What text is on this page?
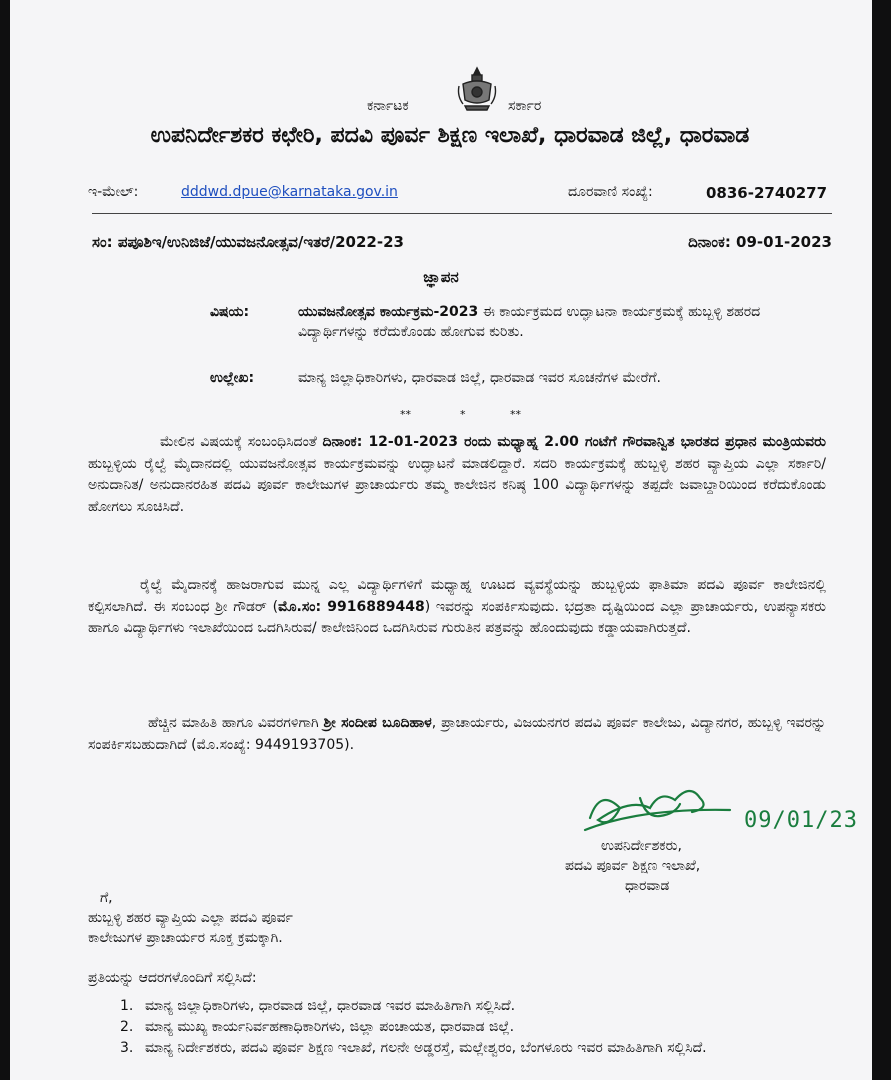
ಕರ್ನಾಟಕ	ಸರ್ಕಾರ
ಉಪನಿರ್ದೇಶಕರ ಕಛೇರಿ, ಪದವಿ ಪೂರ್ವ ಶಿಕ್ಷಣ ಇಲಾಖೆ, ಧಾರವಾಡ ಜಿಲ್ಲೆ, ಧಾರವಾಡ
ಇ-ಮೇಲ್:	dddwd.dpue@karnataka.gov.in	ದೂರವಾಣಿ ಸಂಖ್ಯೆ:	0836-2740277
ಸಂ: ಪಪೂಶಿಇ/ಉನಿಜಿಜೆ/ಯುವಜನೋತ್ಸವ/ಇತರೆ/2022-23	ದಿನಾಂಕ: 09-01-2023
ಜ್ಞಾಪನ
ವಿಷಯ:	ಯುವಜನೋತ್ಸವ ಕಾರ್ಯಕ್ರಮ-2023 ಈ ಕಾರ್ಯಕ್ರಮದ ಉದ್ಘಾಟನಾ ಕಾರ್ಯಕ್ರಮಕ್ಕೆ ಹುಬ್ಬಳ್ಳಿ ಶಹರದ ವಿದ್ಯಾರ್ಥಿಗಳನ್ನು ಕರೆದುಕೊಂಡು ಹೋಗುವ ಕುರಿತು.
ಉಲ್ಲೇಖ:	ಮಾನ್ಯ ಜಿಲ್ಲಾಧಿಕಾರಿಗಳು, ಧಾರವಾಡ ಜಿಲ್ಲೆ, ಧಾರವಾಡ ಇವರ ಸೂಚನೆಗಳ ಮೇರೆಗೆ.
**	*	**
ಮೇಲಿನ ವಿಷಯಕ್ಕೆ ಸಂಬಂಧಿಸಿದಂತೆ ದಿನಾಂಕ: 12-01-2023 ರಂದು ಮಧ್ಯಾಹ್ನ 2.00 ಗಂಟೆಗೆ ಗೌರವಾನ್ವಿತ ಭಾರತದ ಪ್ರಧಾನ ಮಂತ್ರಿಯವರು ಹುಬ್ಬಳ್ಳಿಯ ರೈಲ್ವೆ ಮೈದಾನದಲ್ಲಿ ಯುವಜನೋತ್ಸವ ಕಾರ್ಯಕ್ರಮವನ್ನು ಉದ್ಘಾಟನೆ ಮಾಡಲಿದ್ದಾರೆ. ಸದರಿ ಕಾರ್ಯಕ್ರಮಕ್ಕೆ ಹುಬ್ಬಳ್ಳಿ ಶಹರ ವ್ಯಾಪ್ತಿಯ ಎಲ್ಲಾ ಸರ್ಕಾರಿ/ ಅನುದಾನಿತ/ ಅನುದಾನರಹಿತ ಪದವಿ ಪೂರ್ವ ಕಾಲೇಜುಗಳ ಪ್ರಾಚಾರ್ಯರು ತಮ್ಮ ಕಾಲೇಜಿನ ಕನಿಷ್ಠ 100 ವಿದ್ಯಾರ್ಥಿಗಳನ್ನು ತಪ್ಪದೇ ಜವಾಬ್ದಾರಿಯಿಂದ ಕರೆದುಕೊಂಡು ಹೋಗಲು ಸೂಚಿಸಿದೆ.
ರೈಲ್ವೆ ಮೈದಾನಕ್ಕೆ ಹಾಜರಾಗುವ ಮುನ್ನ ಎಲ್ಲ ವಿದ್ಯಾರ್ಥಿಗಳಿಗೆ ಮಧ್ಯಾಹ್ನ ಊಟದ ವ್ಯವಸ್ಥೆಯನ್ನು ಹುಬ್ಬಳ್ಳಿಯ ಫಾತಿಮಾ ಪದವಿ ಪೂರ್ವ ಕಾಲೇಜಿನಲ್ಲಿ ಕಲ್ಪಿಸಲಾಗಿದೆ. ಈ ಸಂಬಂಧ ಶ್ರೀ ಗೌಡರ್ (ಮೊ.ಸಂ: 9916889448) ಇವರನ್ನು ಸಂಪರ್ಕಿಸುವುದು. ಭದ್ರತಾ ದೃಷ್ಟಿಯಿಂದ ಎಲ್ಲಾ ಪ್ರಾಚಾರ್ಯರು, ಉಪನ್ಯಾಸಕರು ಹಾಗೂ ವಿದ್ಯಾರ್ಥಿಗಳು ಇಲಾಖೆಯಿಂದ ಒದಗಿಸಿರುವ/ ಕಾಲೇಜಿನಿಂದ ಒದಗಿಸಿರುವ ಗುರುತಿನ ಪತ್ರವನ್ನು ಹೊಂದುವುದು ಕಡ್ಡಾಯವಾಗಿರುತ್ತದೆ.
ಹೆಚ್ಚಿನ ಮಾಹಿತಿ ಹಾಗೂ ವಿವರಗಳಿಗಾಗಿ ಶ್ರೀ ಸಂದೀಪ ಬೂದಿಹಾಳ, ಪ್ರಾಚಾರ್ಯರು, ವಿಜಯನಗರ ಪದವಿ ಪೂರ್ವ ಕಾಲೇಜು, ವಿದ್ಯಾನಗರ, ಹುಬ್ಬಳ್ಳಿ ಇವರನ್ನು ಸಂಪರ್ಕಿಸಬಹುದಾಗಿದೆ (ಮೊ.ಸಂಖ್ಯೆ: 9449193705).
09/01/23
ಉಪನಿರ್ದೇಶಕರು,
ಪದವಿ ಪೂರ್ವ ಶಿಕ್ಷಣ ಇಲಾಖೆ,
ಧಾರವಾಡ
ಗೆ,
ಹುಬ್ಬಳ್ಳಿ ಶಹರ ವ್ಯಾಪ್ತಿಯ ಎಲ್ಲಾ ಪದವಿ ಪೂರ್ವ
ಕಾಲೇಜುಗಳ ಪ್ರಾಚಾರ್ಯರ ಸೂಕ್ತ ಕ್ರಮಕ್ಕಾಗಿ.
ಪ್ರತಿಯನ್ನು ಆದರಗಳೊಂದಿಗೆ ಸಲ್ಲಿಸಿದೆ:
1. ಮಾನ್ಯ ಜಿಲ್ಲಾಧಿಕಾರಿಗಳು, ಧಾರವಾಡ ಜಿಲ್ಲೆ, ಧಾರವಾಡ ಇವರ ಮಾಹಿತಿಗಾಗಿ ಸಲ್ಲಿಸಿದೆ.
2. ಮಾನ್ಯ ಮುಖ್ಯ ಕಾರ್ಯನಿರ್ವಹಣಾಧಿಕಾರಿಗಳು, ಜಿಲ್ಲಾ ಪಂಚಾಯತ, ಧಾರವಾಡ ಜಿಲ್ಲೆ.
3. ಮಾನ್ಯ ನಿರ್ದೇಶಕರು, ಪದವಿ ಪೂರ್ವ ಶಿಕ್ಷಣ ಇಲಾಖೆ, ಗಲನೇ ಅಡ್ಡರಸ್ತೆ, ಮಲ್ಲೇಶ್ವರಂ, ಬೆಂಗಳೂರು ಇವರ ಮಾಹಿತಿಗಾಗಿ ಸಲ್ಲಿಸಿದೆ.
